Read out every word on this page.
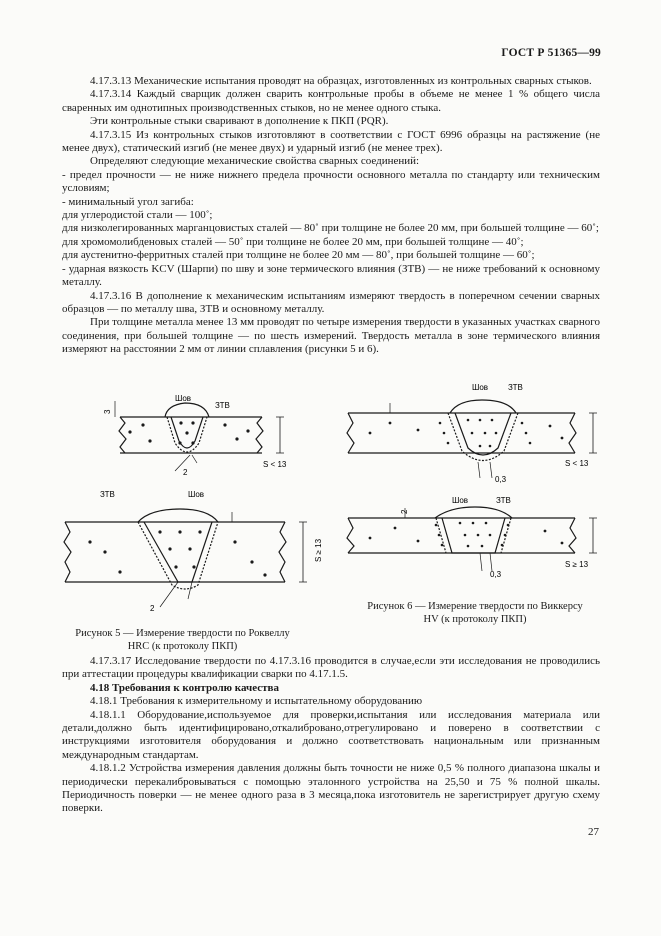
ГОСТ Р 51365—99

4.17.3.13 Механические испытания проводят на образцах, изготовленных из контрольных сварных стыков.

4.17.3.14 Каждый сварщик должен сварить контрольные пробы в объеме не менее 1 % общего числа сваренных им однотипных производственных стыков, но не менее одного стыка.

Эти контрольные стыки сваривают в дополнение к ПКП (PQR).

4.17.3.15 Из контрольных стыков изготовляют в соответствии с ГОСТ 6996 образцы на растяжение (не менее двух), статический изгиб (не менее двух) и ударный изгиб (не менее трех).

Определяют следующие механические свойства сварных соединений:

- предел прочности — не ниже нижнего предела прочности основного металла по стандарту или техническим условиям;

- минимальный угол загиба:

для углеродистой стали — 100˚;

для низколегированных марганцовистых сталей — 80˚ при толщине не более 20 мм, при большей толщине — 60˚;

для хромомолибденовых сталей — 50˚ при толщине не более 20 мм, при большей толщине — 40˚;

для аустенитно-ферритных сталей при толщине не более 20 мм — 80˚, при большей толщине — 60˚;

- ударная вязкость KCV (Шарпи) по шву и зоне термического влияния (ЗТВ) — не ниже требований к основному металлу.

4.17.3.16 В дополнение к механическим испытаниям измеряют твердость в поперечном сечении сварных образцов — по металлу шва, ЗТВ и основному металлу.

При толщине металла менее 13 мм проводят по четыре измерения твердости в указанных участках сварного соединения, при большей толщине — по шесть измерений. Твердость металла в зоне термического влияния измеряют на расстоянии 2 мм от линии сплавления (рисунки 5 и 6).

Шов
ЗТВ
2
3
S < 13
ЗТВ	Шов
2
S ≥ 13
Рисунок 5 — Измерение твердости по Роквеллу
HRC (к протоколу ПКП)
Шов ЗТВ
0,3
S < 13
2
Шов	ЗТВ
0,3
S ≥ 13
Рисунок 6 — Измерение твердости по Виккерсу
HV (к протоколу ПКП)

4.17.3.17 Исследование твердости по 4.17.3.16 проводится в случае,если эти исследования не проводились при аттестации процедуры квалификации сварки по 4.17.1.5.

4.18 Требования к контролю качества

4.18.1 Требования к измерительному и испытательному оборудованию

4.18.1.1 Оборудование,используемое для проверки,испытания или исследования материала или детали,должно быть идентифицировано,откалибровано,отрегулировано и поверено в соответствии с инструкциями изготовителя оборудования и должно соответствовать национальным или признанным международным стандартам.

4.18.1.2 Устройства измерения давления должны быть точности не ниже 0,5 % полного диапазона шкалы и периодически перекалибровываться с помощью эталонного устройства на 25,50 и 75 % полной шкалы. Периодичность поверки — не менее одного раза в 3 месяца,пока изготовитель не зарегистрирует другую схему поверки.

27
